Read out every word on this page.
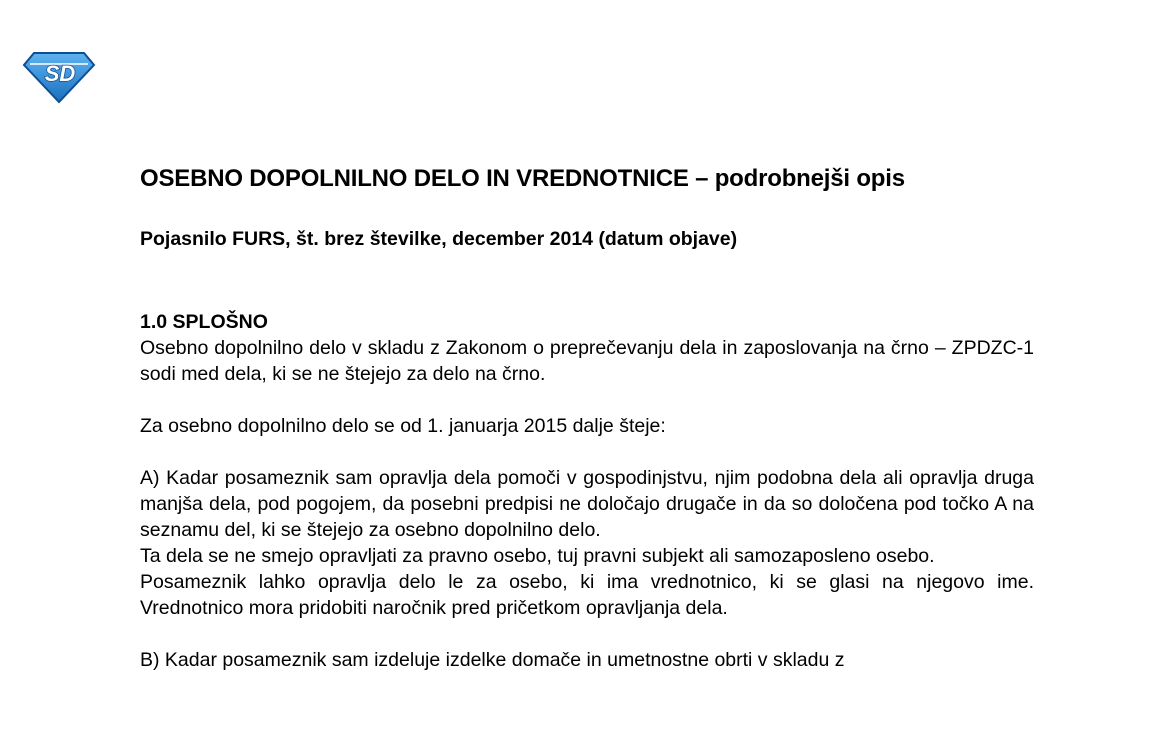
SD
OSEBNO DOPOLNILNO DELO IN VREDNOTNICE – podrobnejši opis

Pojasnilo FURS, št. brez številke, december 2014 (datum objave)

1.0 SPLOŠNO

Osebno dopolnilno delo v skladu z Zakonom o preprečevanju dela in zaposlovanja na črno – ZPDZC-1 sodi med dela, ki se ne štejejo za delo na črno.

Za osebno dopolnilno delo se od 1. januarja 2015 dalje šteje:

A) Kadar posameznik sam opravlja dela pomoči v gospodinjstvu, njim podobna dela ali opravlja druga manjša dela, pod pogojem, da posebni predpisi ne določajo drugače in da so določena pod točko A na seznamu del, ki se štejejo za osebno dopolnilno delo.

Ta dela se ne smejo opravljati za pravno osebo, tuj pravni subjekt ali samozaposleno osebo.

Posameznik lahko opravlja delo le za osebo, ki ima vrednotnico, ki se glasi na njegovo ime. Vrednotnico mora pridobiti naročnik pred pričetkom opravljanja dela.

B) Kadar posameznik sam izdeluje izdelke domače in umetnostne obrti v skladu z
